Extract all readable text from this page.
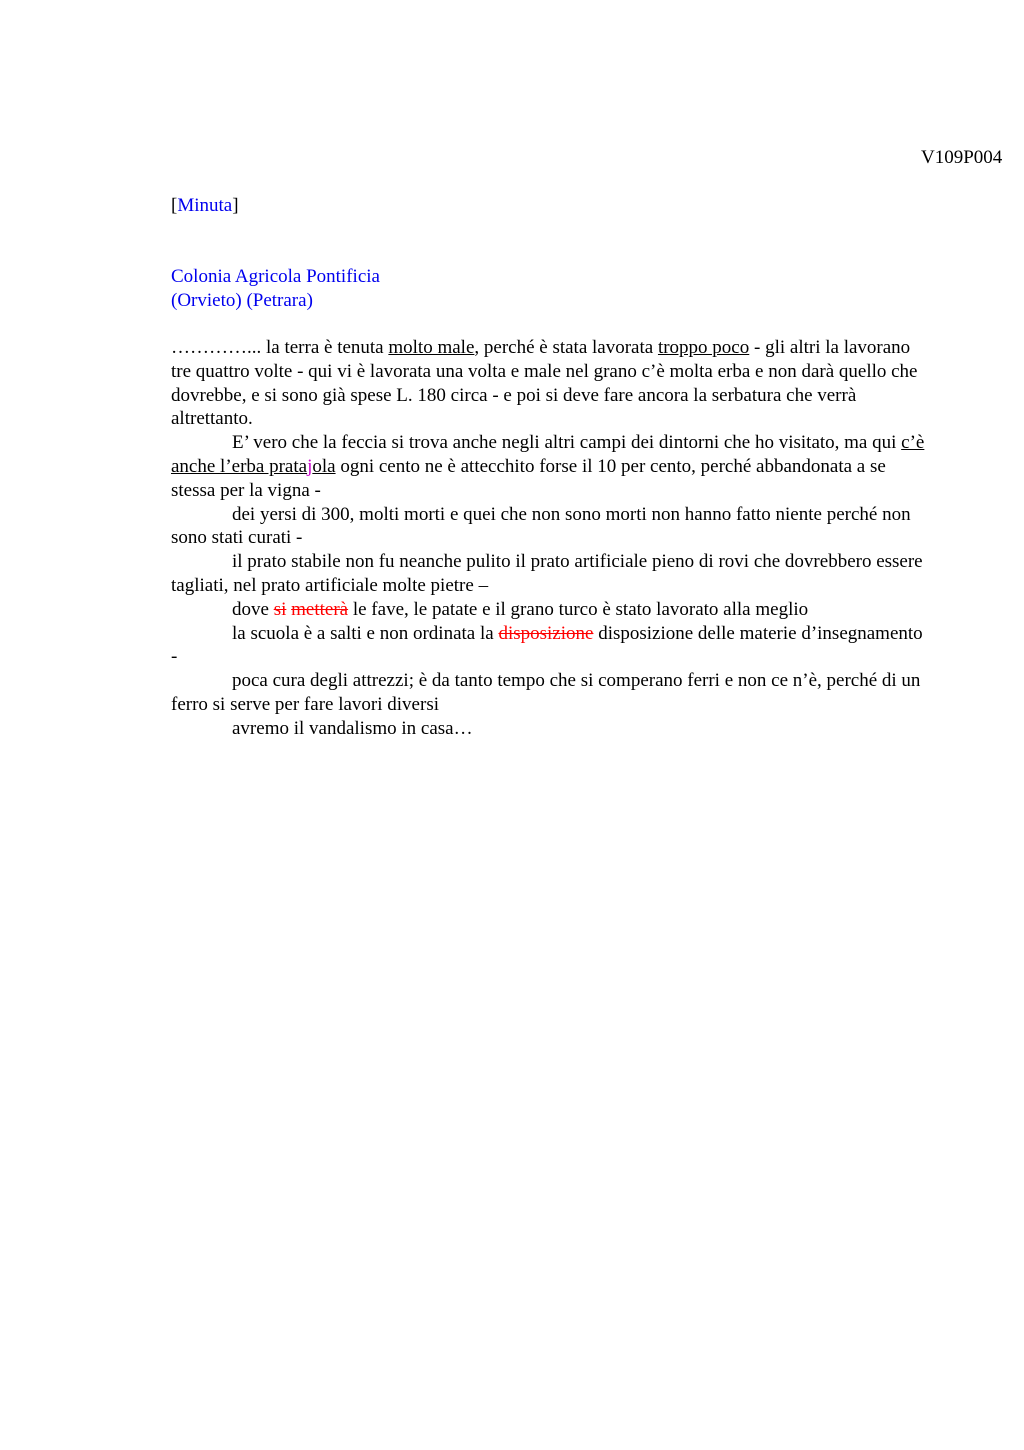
V109P004
[Minuta]
Colonia Agricola Pontificia
(Orvieto) (Petrara)

…………... la terra è tenuta molto male, perché è stata lavorata troppo poco - gli altri la lavorano tre quattro volte - qui vi è lavorata una volta e male nel grano c’è molta erba e non darà quello che dovrebbe, e si sono già spese L. 180 circa - e poi si deve fare ancora la serbatura che verrà altrettanto.

E’ vero che la feccia si trova anche negli altri campi dei dintorni che ho visitato, ma qui c’è anche l’erba pratajola ogni cento ne è attecchito forse il 10 per cento, perché abbandonata a se stessa per la vigna -

dei yersi di 300, molti morti e quei che non sono morti non hanno fatto niente perché non sono stati curati -

il prato stabile non fu neanche pulito il prato artificiale pieno di rovi che dovrebbero essere tagliati, nel prato artificiale molte pietre –

dove si metterà le fave, le patate e il grano turco è stato lavorato alla meglio

la scuola è a salti e non ordinata la disposizione disposizione delle materie d’insegnamento -

poca cura degli attrezzi; è da tanto tempo che si comperano ferri e non ce n’è, perché di un ferro si serve per fare lavori diversi

avremo il vandalismo in casa…
